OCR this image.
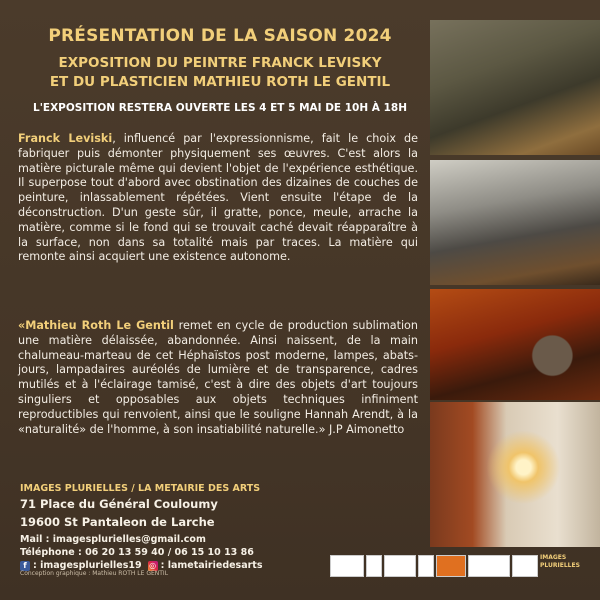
PRÉSENTATION DE LA SAISON 2024
EXPOSITION DU PEINTRE FRANCK LEVISKY
ET DU PLASTICIEN MATHIEU ROTH LE GENTIL
L'EXPOSITION RESTERA OUVERTE LES 4 ET 5 MAI DE 10H À 18H
Franck Leviski, influencé par l'expressionnisme, fait le choix de fabriquer puis démonter physiquement ses œuvres. C'est alors la matière picturale même qui devient l'objet de l'expérience esthétique. Il superpose tout d'abord avec obstination des dizaines de couches de peinture, inlassablement répétées. Vient ensuite l'étape de la déconstruction. D'un geste sûr, il gratte, ponce, meule, arrache la matière, comme si le fond qui se trouvait caché devait réapparaître à la surface, non dans sa totalité mais par traces. La matière qui remonte ainsi acquiert une existence autonome.
«Mathieu Roth Le Gentil remet en cycle de production sublimation une matière délaissée, abandonnée. Ainsi naissent, de la main chalumeau-marteau de cet Héphaïstos post moderne, lampes, abats-jours, lampadaires auréolés de lumière et de transparence, cadres mutilés et à l'éclairage tamisé, c'est à dire des objets d'art toujours singuliers et opposables aux objets techniques infiniment reproductibles qui renvoient, ainsi que le souligne Hannah Arendt, à la «naturalité» de l'homme, à son insatiabilité naturelle.» J.P Aimonetto
IMAGES PLURIELLES / LA METAIRIE DES ARTS
71 Place du Général Couloumy
19600 St Pantaleon de Larche
Mail : imagesplurielles@gmail.com
Téléphone : 06 20 13 59 40 / 06 15 10 13 86
f : imagesplurielles19 ◎ : lametairiedesarts
Conception graphique : Mathieu ROTH LE GENTIL
IMAGES PLURIELLES
